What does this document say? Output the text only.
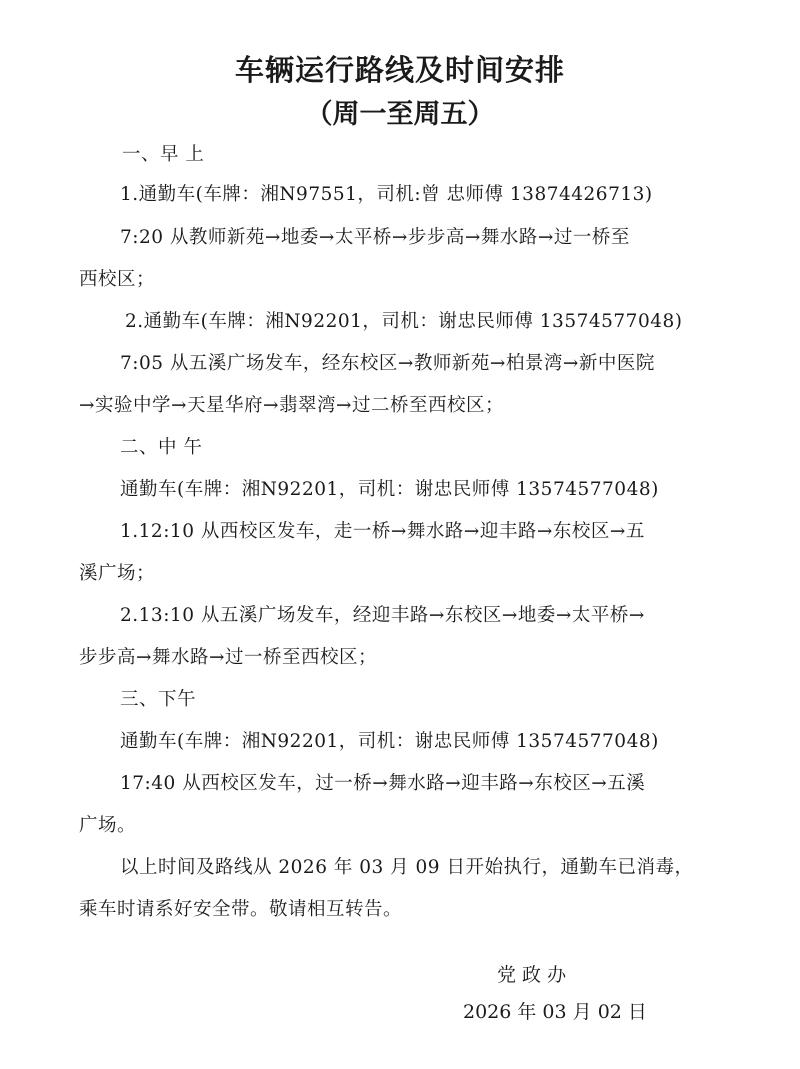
车辆运行路线及时间安排
（周一至周五）
一、早 上
1.通勤车(车牌：湘N97551，司机:曾 忠师傅 13874426713)
7:20 从教师新苑→地委→太平桥→步步高→舞水路→过一桥至
西校区；
2.通勤车(车牌：湘N92201，司机：谢忠民师傅 13574577048)
7:05 从五溪广场发车，经东校区→教师新苑→柏景湾→新中医院
→实验中学→天星华府→翡翠湾→过二桥至西校区；
二、中 午
通勤车(车牌：湘N92201，司机：谢忠民师傅 13574577048)
1.12:10 从西校区发车，走一桥→舞水路→迎丰路→东校区→五
溪广场；
2.13:10 从五溪广场发车，经迎丰路→东校区→地委→太平桥→
步步高→舞水路→过一桥至西校区；
三、下午
通勤车(车牌：湘N92201，司机：谢忠民师傅 13574577048)
17:40 从西校区发车，过一桥→舞水路→迎丰路→东校区→五溪
广场。
以上时间及路线从 2026 年 03 月 09 日开始执行，通勤车已消毒，
乘车时请系好安全带。敬请相互转告。
党 政 办
2026 年 03 月 02 日
